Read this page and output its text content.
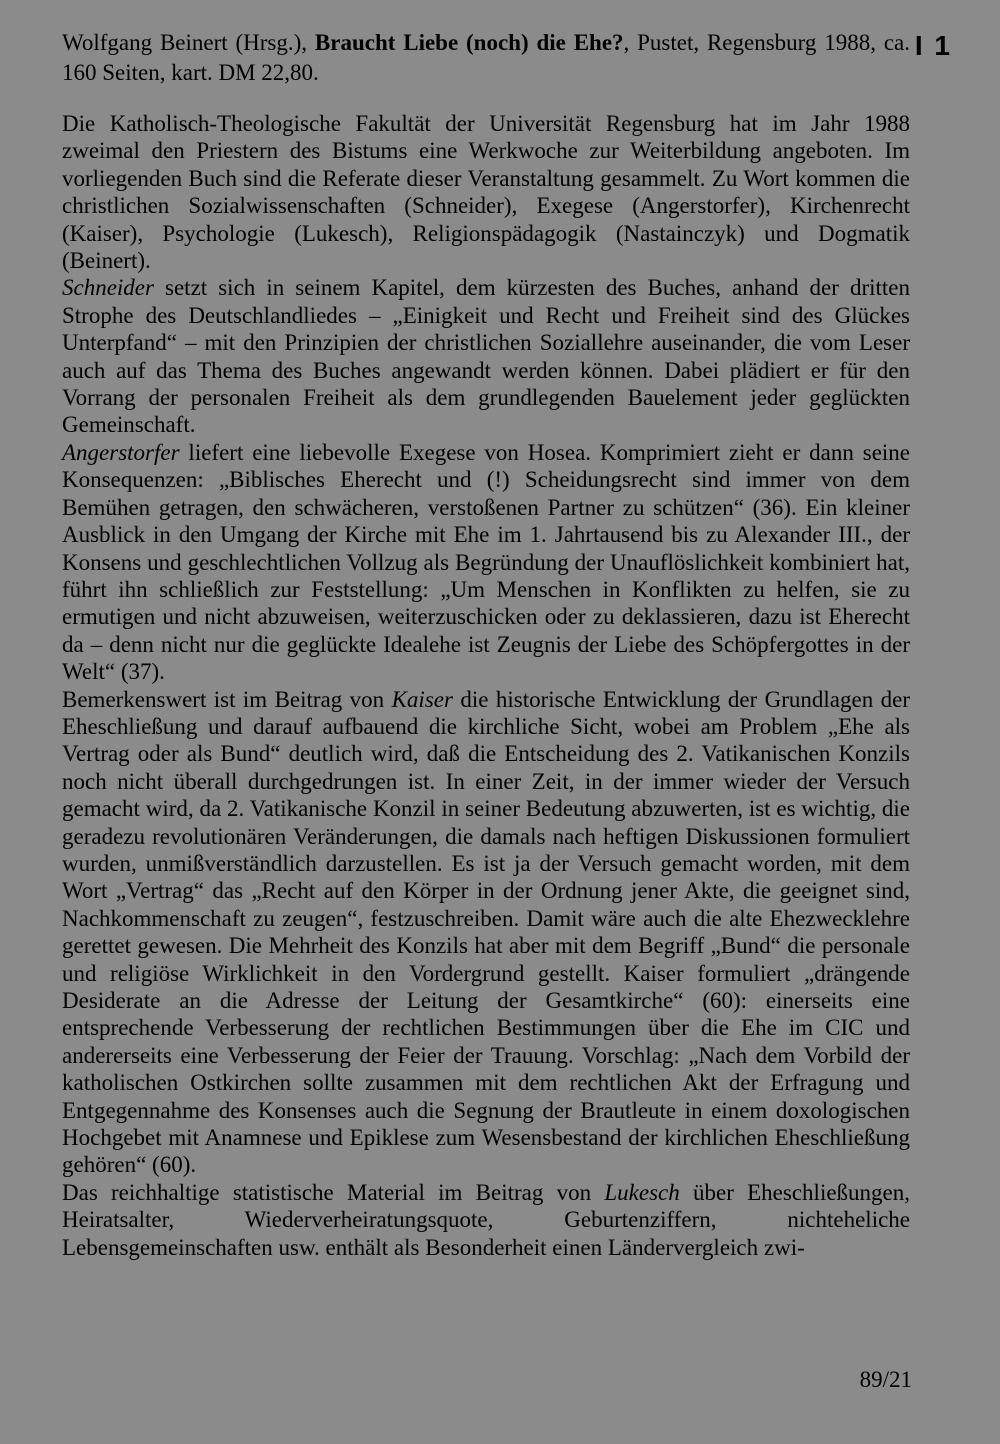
I 1
Wolfgang Beinert (Hrsg.), Braucht Liebe (noch) die Ehe?, Pustet, Regensburg 1988, ca. 160 Seiten, kart. DM 22,80.

Die Katholisch-Theologische Fakultät der Universität Regensburg hat im Jahr 1988 zweimal den Priestern des Bistums eine Werkwoche zur Weiterbildung angeboten. Im vorliegenden Buch sind die Referate dieser Veranstaltung gesammelt. Zu Wort kommen die christlichen Sozialwissenschaften (Schneider), Exegese (Angerstorfer), Kirchenrecht (Kaiser), Psychologie (Lukesch), Religionspädagogik (Nastainczyk) und Dogmatik (Beinert).

Schneider setzt sich in seinem Kapitel, dem kürzesten des Buches, anhand der dritten Strophe des Deutschlandliedes – „Einigkeit und Recht und Freiheit sind des Glückes Unterpfand“ – mit den Prinzipien der christlichen Soziallehre auseinander, die vom Leser auch auf das Thema des Buches angewandt werden können. Dabei plädiert er für den Vorrang der personalen Freiheit als dem grundlegenden Bauelement jeder geglückten Gemeinschaft.

Angerstorfer liefert eine liebevolle Exegese von Hosea. Komprimiert zieht er dann seine Konsequenzen: „Biblisches Eherecht und (!) Scheidungsrecht sind immer von dem Bemühen getragen, den schwächeren, verstoßenen Partner zu schützen“ (36). Ein kleiner Ausblick in den Umgang der Kirche mit Ehe im 1. Jahrtausend bis zu Alexander III., der Konsens und geschlechtlichen Vollzug als Begründung der Unauflöslichkeit kombiniert hat, führt ihn schließlich zur Feststellung: „Um Menschen in Konflikten zu helfen, sie zu ermutigen und nicht abzuweisen, weiterzuschicken oder zu deklassieren, dazu ist Eherecht da – denn nicht nur die geglückte Idealehe ist Zeugnis der Liebe des Schöpfergottes in der Welt“ (37).

Bemerkenswert ist im Beitrag von Kaiser die historische Entwicklung der Grundlagen der Eheschließung und darauf aufbauend die kirchliche Sicht, wobei am Problem „Ehe als Vertrag oder als Bund“ deutlich wird, daß die Entscheidung des 2. Vatikanischen Konzils noch nicht überall durchgedrungen ist. In einer Zeit, in der immer wieder der Versuch gemacht wird, da 2. Vatikanische Konzil in seiner Bedeutung abzuwerten, ist es wichtig, die geradezu revolutionären Veränderungen, die damals nach heftigen Diskussionen formuliert wurden, unmißverständlich darzustellen. Es ist ja der Versuch gemacht worden, mit dem Wort „Vertrag“ das „Recht auf den Körper in der Ordnung jener Akte, die geeignet sind, Nachkommenschaft zu zeugen“, festzuschreiben. Damit wäre auch die alte Ehezwecklehre gerettet gewesen. Die Mehrheit des Konzils hat aber mit dem Begriff „Bund“ die personale und religiöse Wirklichkeit in den Vordergrund gestellt. Kaiser formuliert „drängende Desiderate an die Adresse der Leitung der Gesamtkirche“ (60): einerseits eine entsprechende Verbesserung der rechtlichen Bestimmungen über die Ehe im CIC und andererseits eine Verbesserung der Feier der Trauung. Vorschlag: „Nach dem Vorbild der katholischen Ostkirchen sollte zusammen mit dem rechtlichen Akt der Erfragung und Entgegennahme des Konsenses auch die Segnung der Brautleute in einem doxologischen Hochgebet mit Anamnese und Epiklese zum Wesensbestand der kirchlichen Eheschließung gehören“ (60).

Das reichhaltige statistische Material im Beitrag von Lukesch über Eheschließungen, Heiratsalter, Wiederverheiratungsquote, Geburtenziffern, nichteheliche Lebensgemeinschaften usw. enthält als Besonderheit einen Ländervergleich zwi-

89/21
